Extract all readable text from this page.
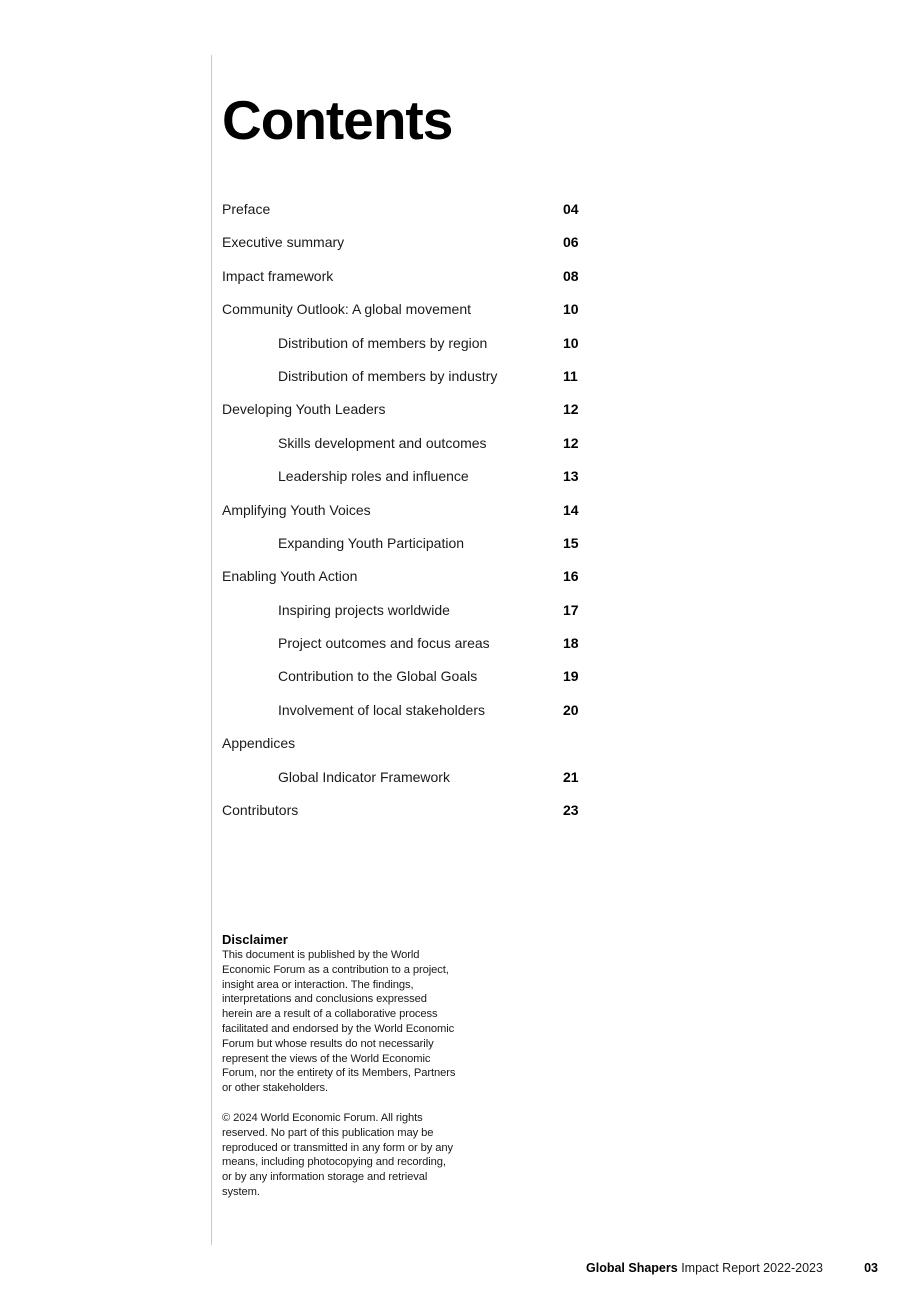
Contents
Preface	04
Executive summary	06
Impact framework	08
Community Outlook: A global movement	10
Distribution of members by region	10
Distribution of members by industry	11
Developing Youth Leaders	12
Skills development and outcomes	12
Leadership roles and influence	13
Amplifying Youth Voices	14
Expanding Youth Participation	15
Enabling Youth Action	16
Inspiring projects worldwide	17
Project outcomes and focus areas	18
Contribution to the Global Goals	19
Involvement of local stakeholders	20
Appendices
Global Indicator Framework	21
Contributors	23
Disclaimer

This document is published by the World Economic Forum as a contribution to a project, insight area or interaction. The findings, interpretations and conclusions expressed herein are a result of a collaborative process facilitated and endorsed by the World Economic Forum but whose results do not necessarily represent the views of the World Economic Forum, nor the entirety of its Members, Partners or other stakeholders.

© 2024 World Economic Forum. All rights reserved. No part of this publication may be reproduced or transmitted in any form or by any means, including photocopying and recording, or by any information storage and retrieval system.

Global Shapers Impact Report 2022-2023	03
